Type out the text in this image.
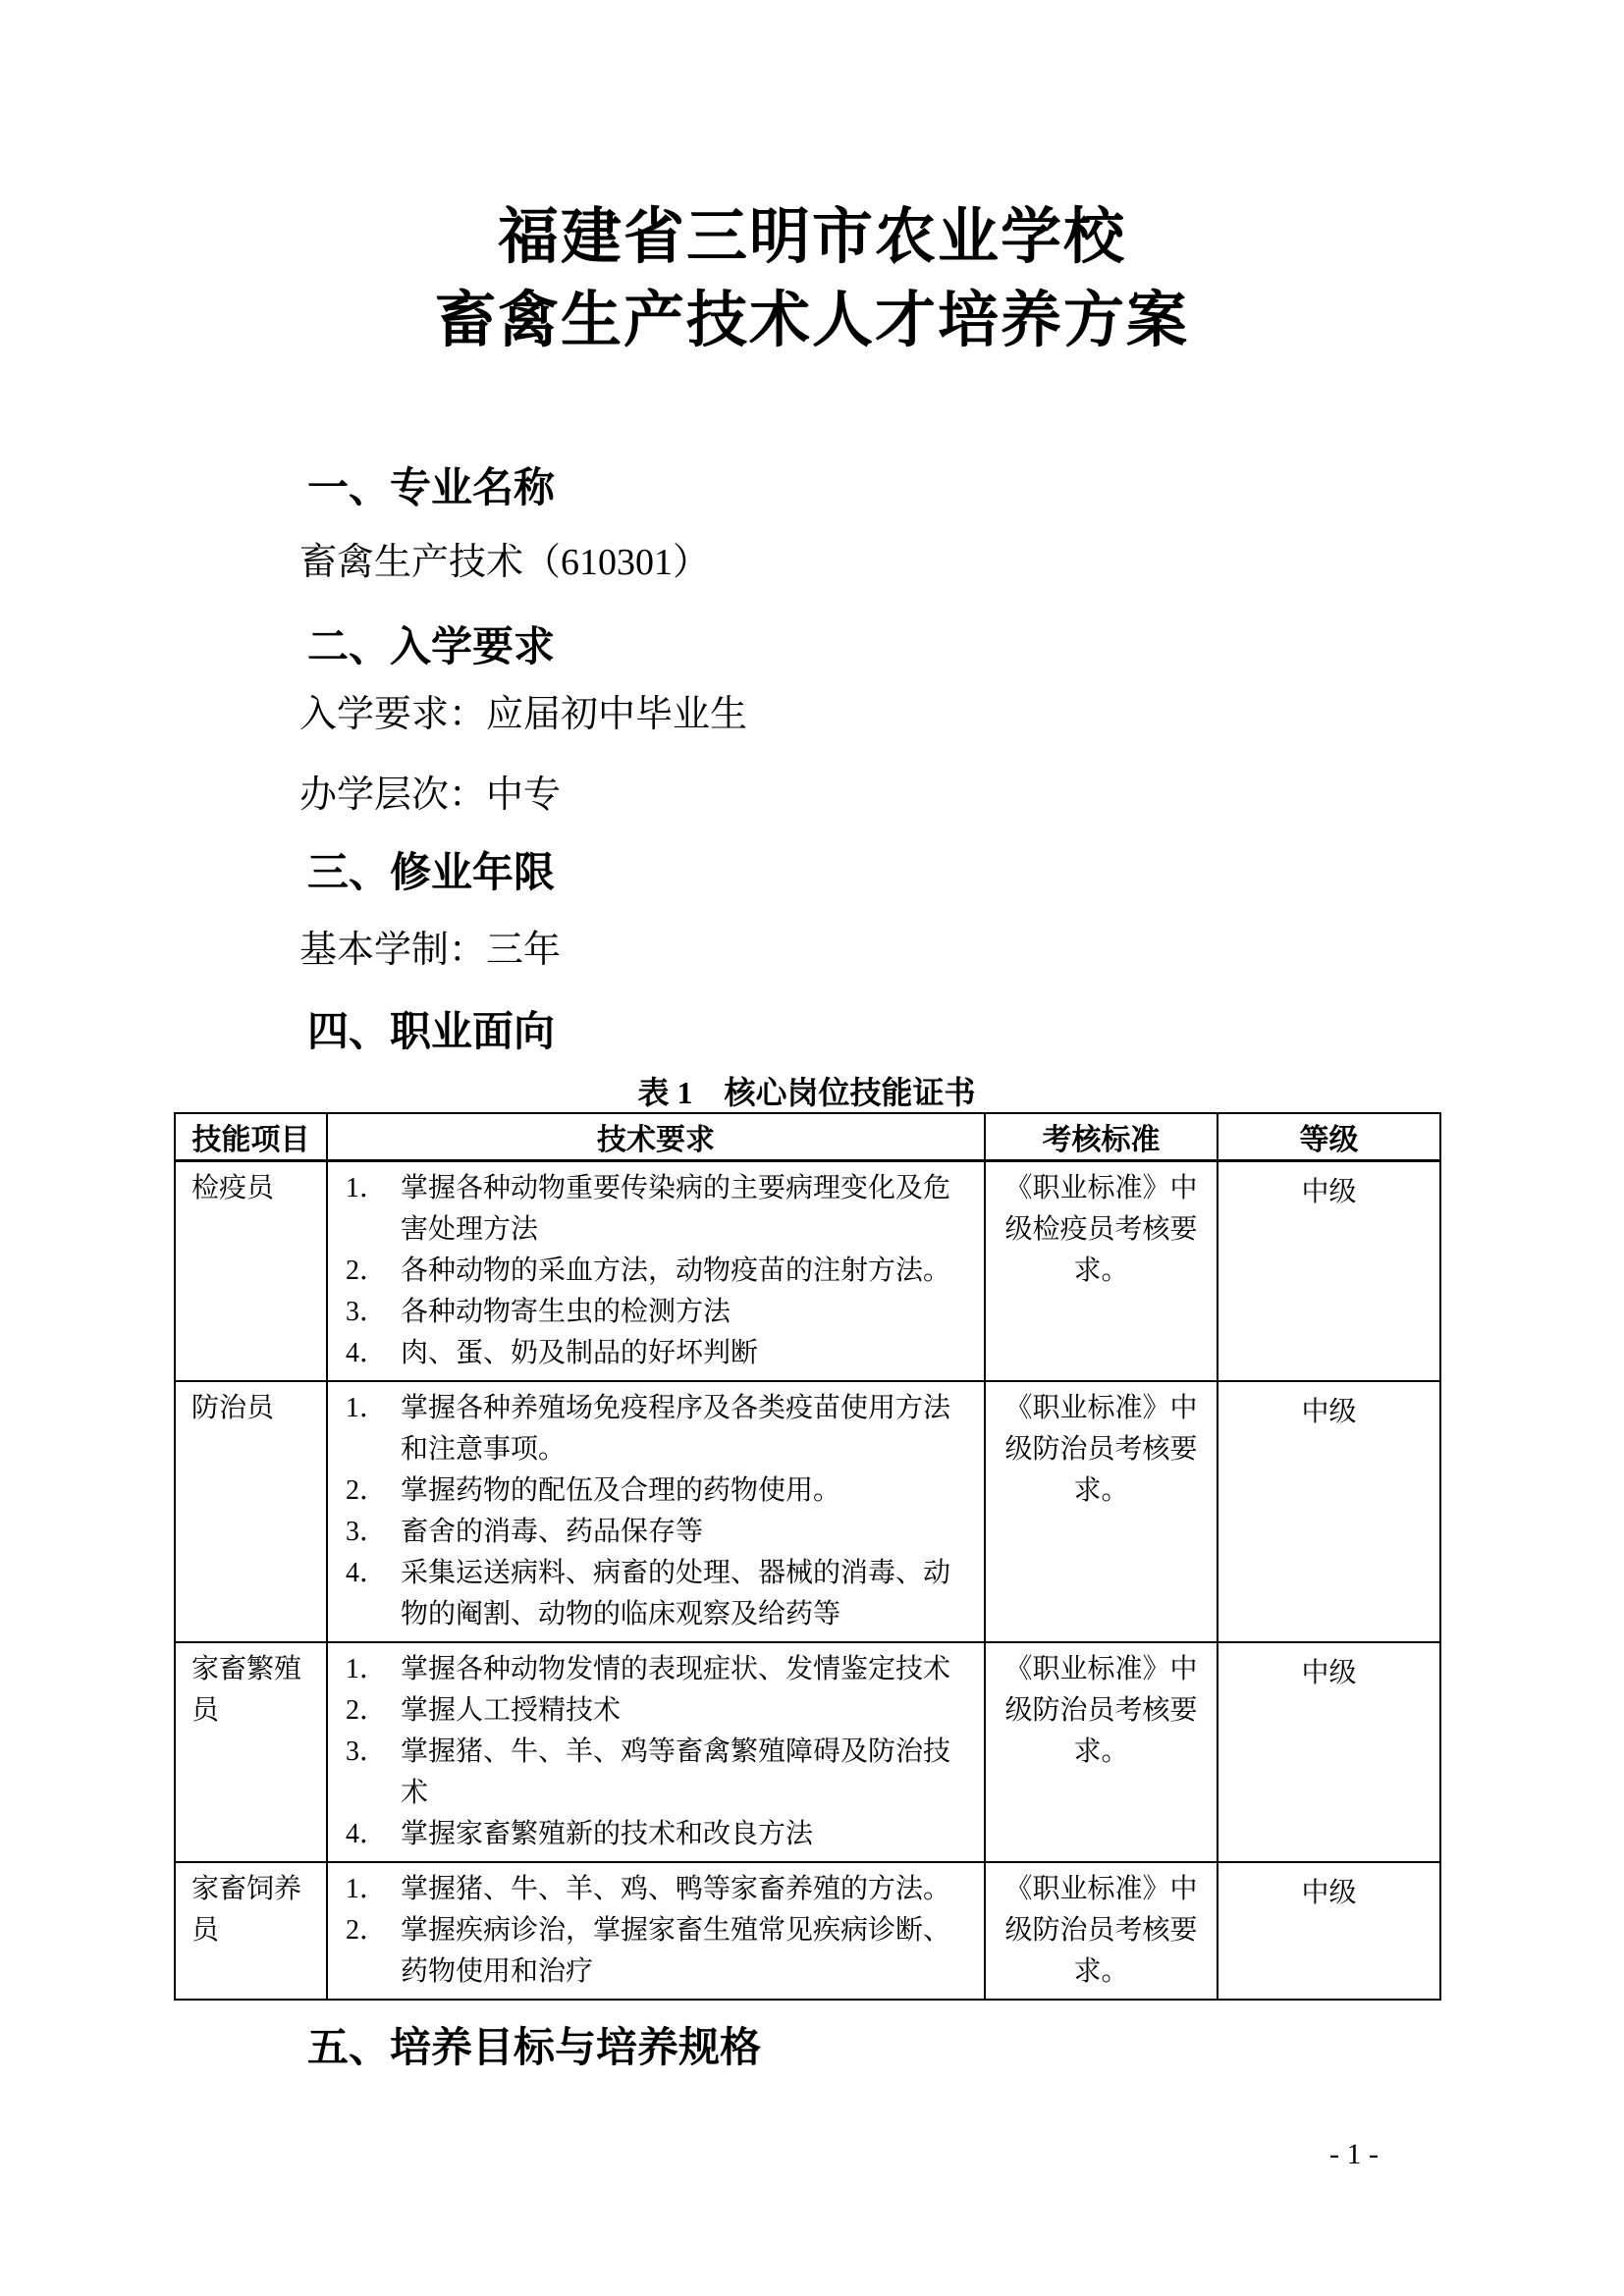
福建省三明市农业学校
畜禽生产技术人才培养方案
一、专业名称
畜禽生产技术（610301）
二、入学要求
入学要求：应届初中毕业生
办学层次：中专
三、修业年限
基本学制：三年
四、职业面向
表 1　核心岗位技能证书
技能项目	技术要求	考核标准	等级
检疫员	1． 掌握各种动物重要传染病的主要病理变化及危害处理方法
2． 各种动物的采血方法，动物疫苗的注射方法。
3． 各种动物寄生虫的检测方法
4． 肉、蛋、奶及制品的好坏判断
	《职业标准》中级检疫员考核要求。	中级
防治员	1． 掌握各种养殖场免疫程序及各类疫苗使用方法和注意事项。
2． 掌握药物的配伍及合理的药物使用。
3． 畜舍的消毒、药品保存等
4． 采集运送病料、病畜的处理、器械的消毒、动物的阉割、动物的临床观察及给药等
	《职业标准》中级防治员考核要求。	中级
家畜繁殖员	
1． 掌握各种动物发情的表现症状、发情鉴定技术
2． 掌握人工授精技术
3． 掌握猪、牛、羊、鸡等畜禽繁殖障碍及防治技术
4． 掌握家畜繁殖新的技术和改良方法
	《职业标准》中级防治员考核要求。	中级
家畜饲养员	1． 掌握猪、牛、羊、鸡、鸭等家畜养殖的方法。
2． 掌握疾病诊治，掌握家畜生殖常见疾病诊断、药物使用和治疗	《职业标准》中级防治员考核要求。	中级
五、培养目标与培养规格
- 1 -
